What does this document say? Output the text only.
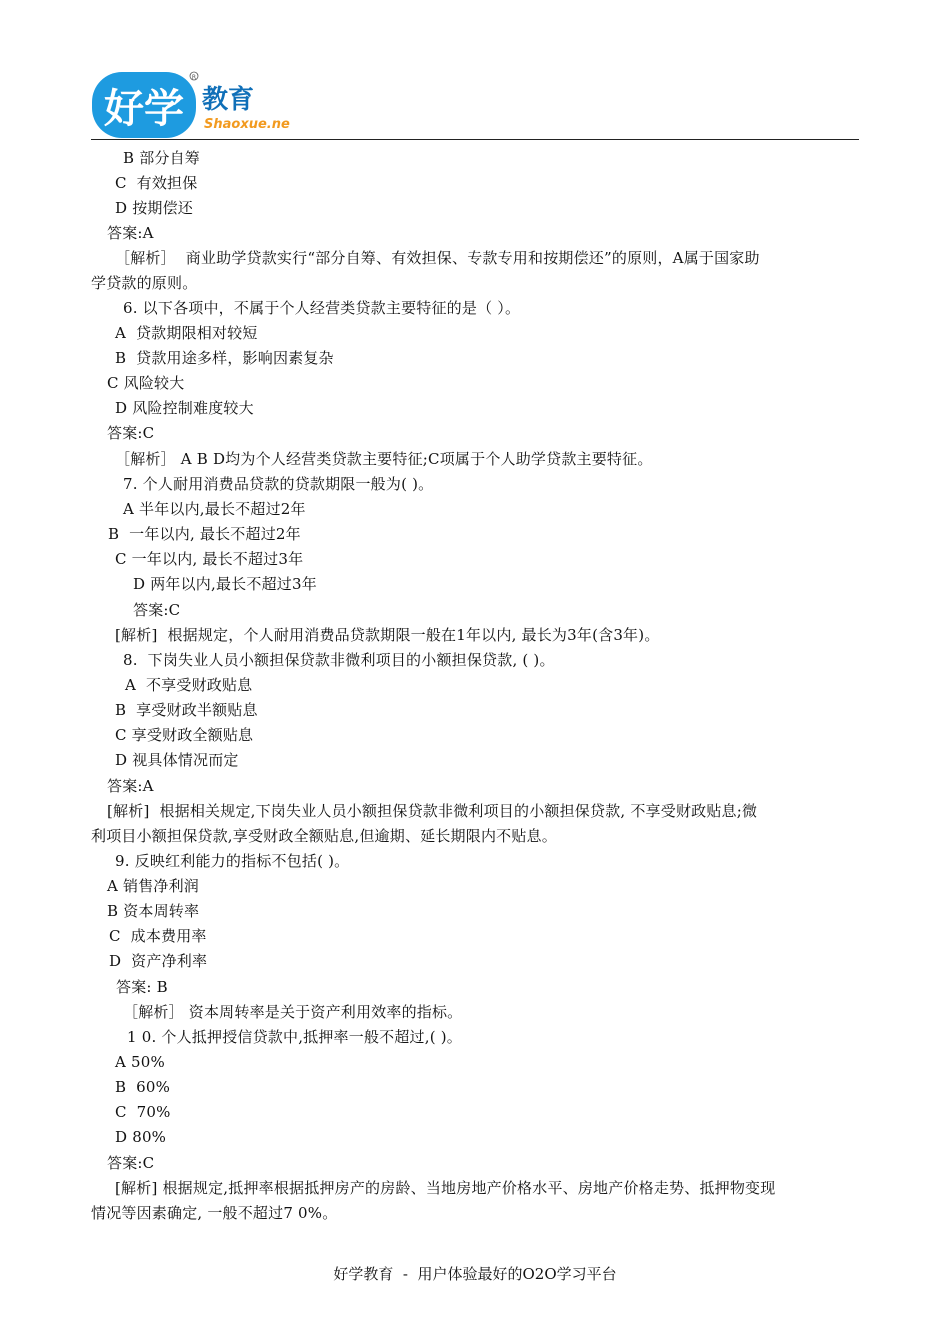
好学
R
教育
Shaoxue.net
B 部分自筹
C  有效担保
D 按期偿还
答案:A
［解析］  商业助学贷款实行“部分自筹、有效担保、专款专用和按期偿还”的原则，A属于国家助
学贷款的原则。
6. 以下各项中，不属于个人经营类贷款主要特征的是（ ）。
A  贷款期限相对较短
B  贷款用途多样，影响因素复杂
C 风险较大
D 风险控制难度较大
答案:C
［解析］ A B D均为个人经营类贷款主要特征;C项属于个人助学贷款主要特征。
7. 个人耐用消费品贷款的贷款期限一般为( )。
A 半年以内,最长不超过2年
B  一年以内, 最长不超过2年
C 一年以内, 最长不超过3年
D 两年以内,最长不超过3年
答案:C
[解析]  根据规定，个人耐用消费品贷款期限一般在1年以内, 最长为3年(含3年)。
8.  下岗失业人员小额担保贷款非微利项目的小额担保贷款, ( )。
A  不享受财政贴息
B  享受财政半额贴息
C 享受财政全额贴息
D 视具体情况而定
答案:A
[解析]  根据相关规定,下岗失业人员小额担保贷款非微利项目的小额担保贷款, 不享受财政贴息;微
利项目小额担保贷款,享受财政全额贴息,但逾期、延长期限内不贴息。
9. 反映红利能力的指标不包括( )。
A 销售净利润
B 资本周转率
C  成本费用率
D  资产净利率
答案: B
［解析］ 资本周转率是关于资产利用效率的指标。
1 0. 个人抵押授信贷款中,抵押率一般不超过,( )。
A 50%
B  60%
C  70%
D 80%
答案:C
[解析] 根据规定,抵押率根据抵押房产的房龄、当地房地产价格水平、房地产价格走势、抵押物变现
情况等因素确定, 一般不超过7 0%。
好学教育  -  用户体验最好的O2O学习平台
